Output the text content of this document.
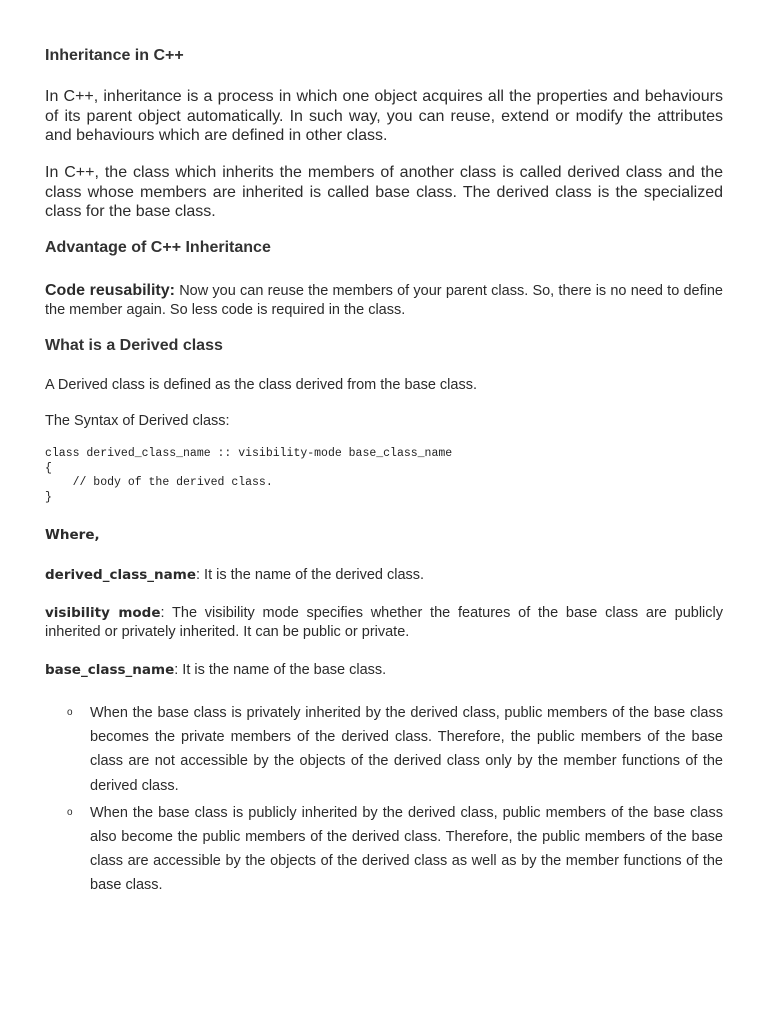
Inheritance in C++

In C++, inheritance is a process in which one object acquires all the properties and behaviours of its parent object automatically. In such way, you can reuse, extend or modify the attributes and behaviours which are defined in other class.

In C++, the class which inherits the members of another class is called derived class and the class whose members are inherited is called base class. The derived class is the specialized class for the base class.

Advantage of C++ Inheritance

Code reusability: Now you can reuse the members of your parent class. So, there is no need to define the member again. So less code is required in the class.

What is a Derived class

A Derived class is defined as the class derived from the base class.

The Syntax of Derived class:

class derived_class_name :: visibility-mode base_class_name
{
// body of the derived class.
}

Where,

derived_class_name: It is the name of the derived class.

visibility mode: The visibility mode specifies whether the features of the base class are publicly inherited or privately inherited. It can be public or private.

base_class_name: It is the name of the base class.

o When the base class is privately inherited by the derived class, public members of the base class becomes the private members of the derived class. Therefore, the public members of the base class are not accessible by the objects of the derived class only by the member functions of the derived class.
o When the base class is publicly inherited by the derived class, public members of the base class also become the public members of the derived class. Therefore, the public members of the base class are accessible by the objects of the derived class as well as by the member functions of the base class.
